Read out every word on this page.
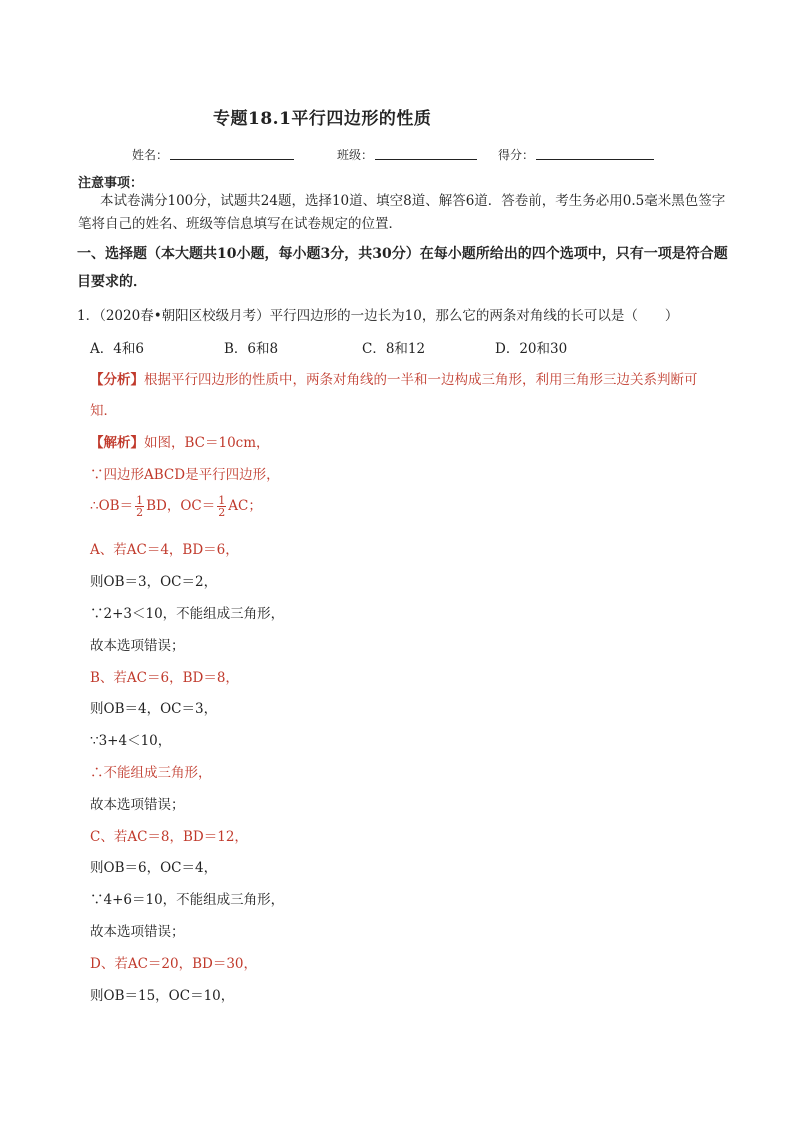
专题18.1平行四边形的性质
姓名：	班级：	得分：
注意事项：
本试卷满分100分，试题共24题，选择10道、填空8道、解答6道．答卷前，考生务必用0.5毫米黑色签字笔将自己的姓名、班级等信息填写在试卷规定的位置．
一、选择题（本大题共10小题，每小题3分，共30分）在每小题所给出的四个选项中，只有一项是符合题目要求的．
1．（2020春•朝阳区校级月考）平行四边形的一边长为10，那么它的两条对角线的长可以是（　　）
A．4和6	B．6和8	C．8和12	D．20和30
【分析】根据平行四边形的性质中，两条对角线的一半和一边构成三角形，利用三角形三边关系判断可
知．
【解析】如图，BC＝10cm，
∵四边形ABCD是平行四边形，
∴OB＝ $\frac{1}{2}$ BD，$OC= \frac{1}{2}$ AC；
A、若AC＝4，BD＝6，
则OB＝3，OC＝2，
∵2+3＜10，不能组成三角形，
故本选项错误；
B、若AC＝6，BD＝8，
则OB＝4，OC＝3，
∵3+4＜10，
∴不能组成三角形，
故本选项错误；
C、若AC＝8，BD＝12，
则OB＝6，OC＝4，
∵4+6＝10，不能组成三角形，
故本选项错误；
D、若AC＝20，BD＝30，
则OB＝15，OC＝10，
